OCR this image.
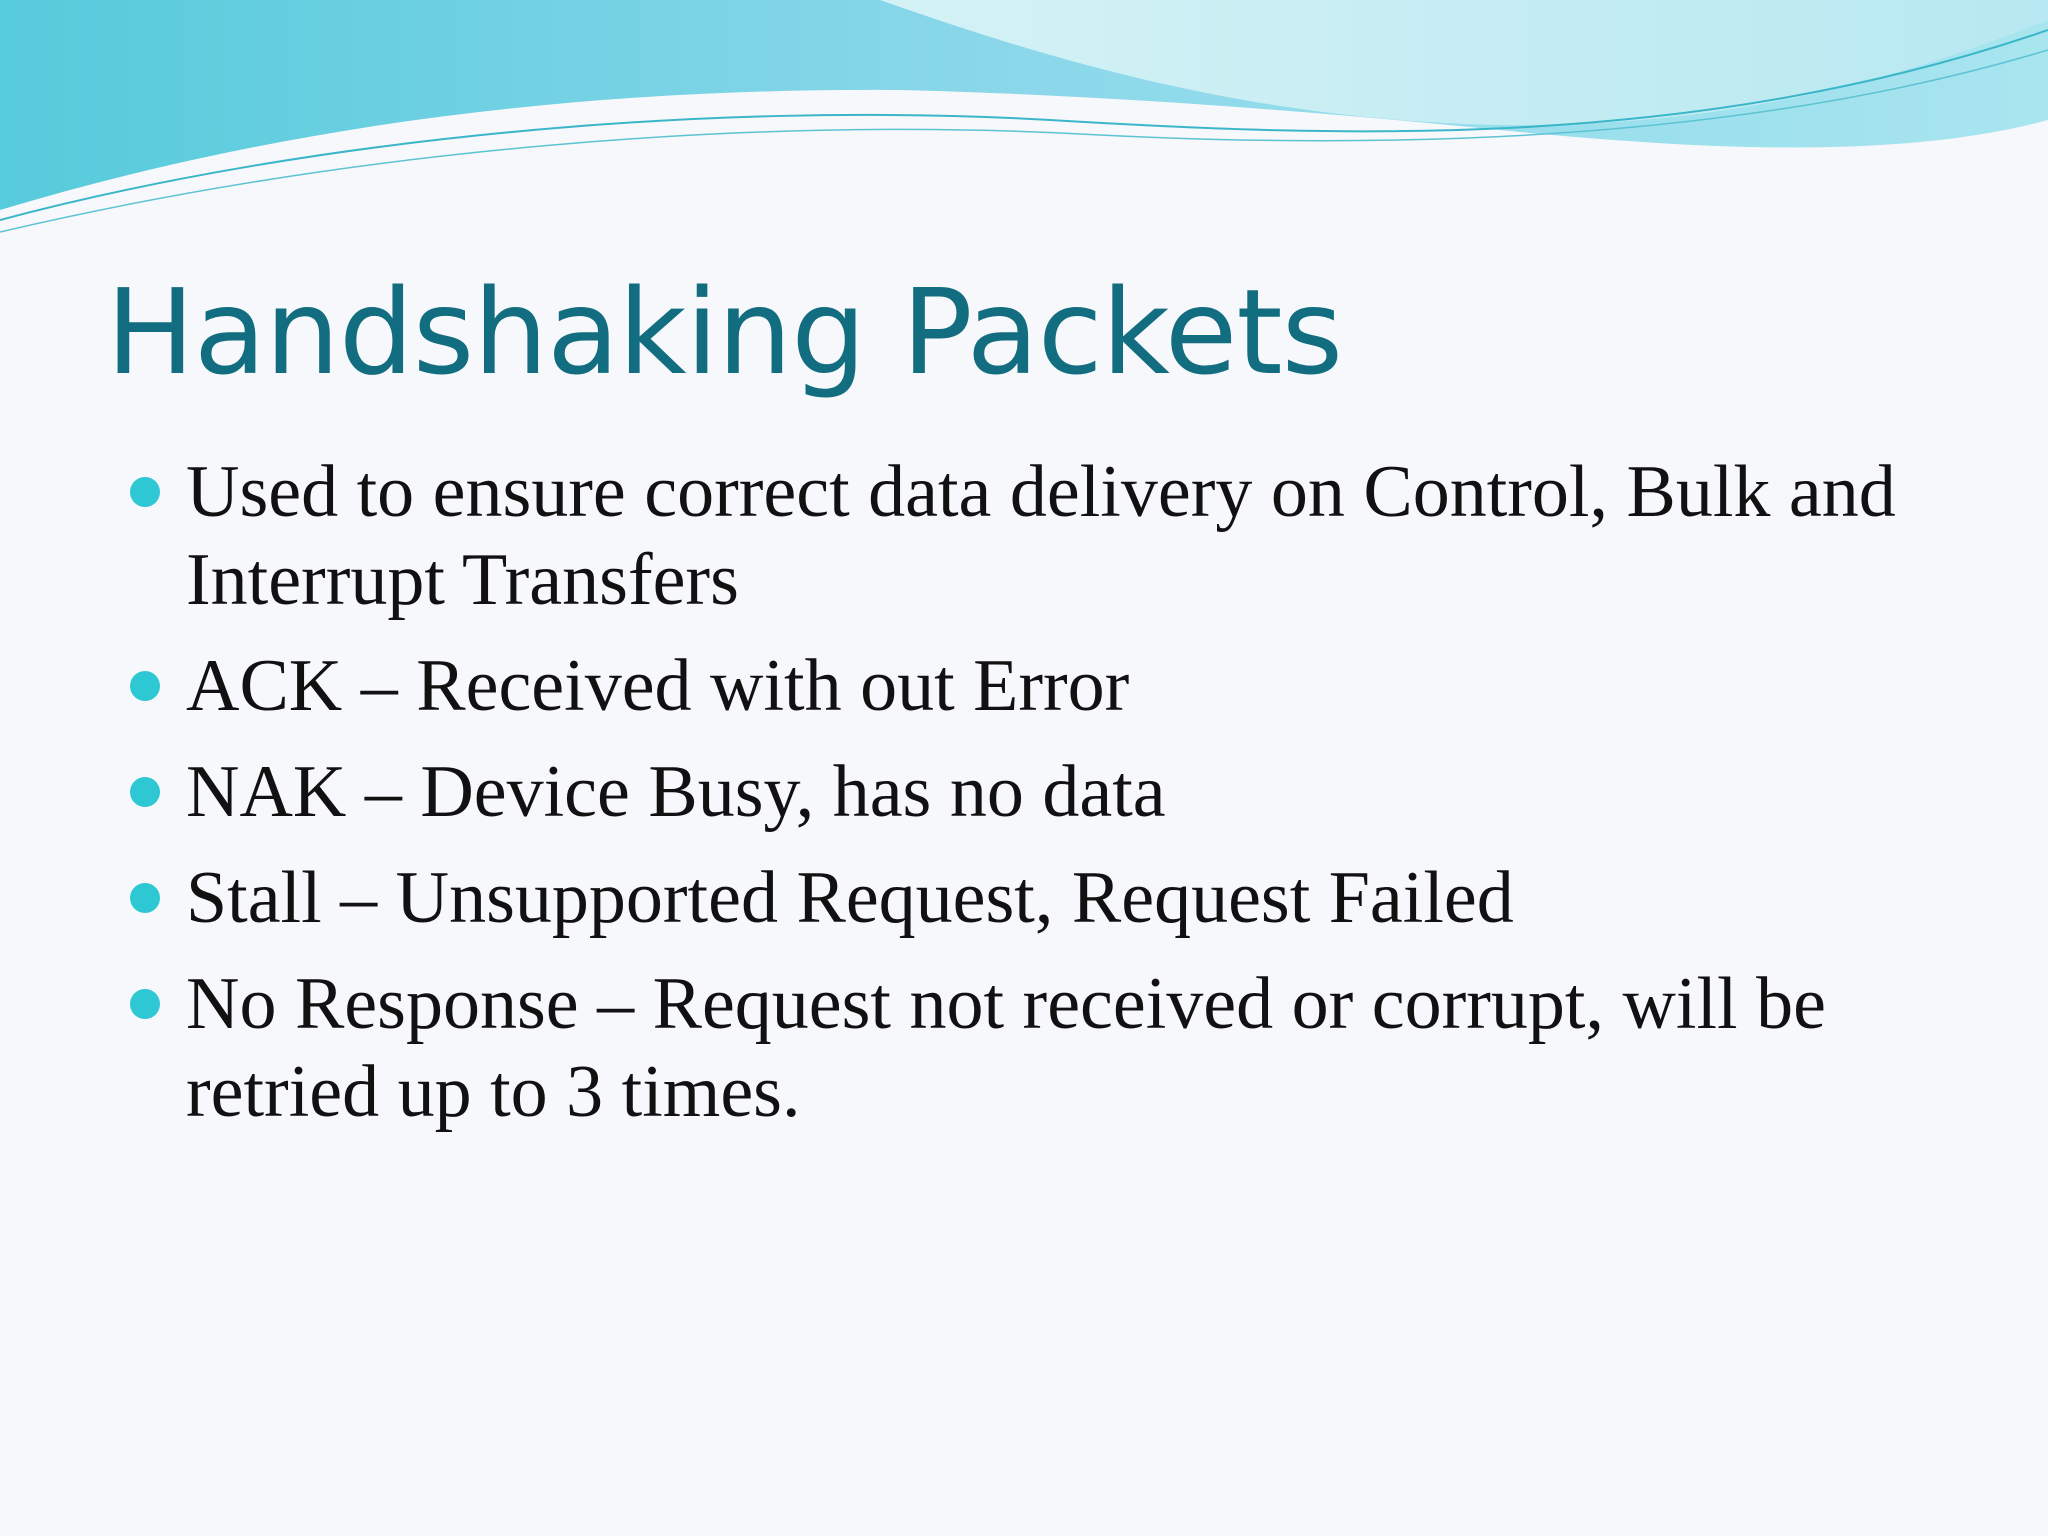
Handshaking Packets
Used to ensure correct data delivery on Control, Bulk and Interrupt Transfers
ACK – Received with out Error
NAK – Device Busy, has no data
Stall – Unsupported Request, Request Failed
No Response – Request not received or corrupt, will be retried up to 3 times.
